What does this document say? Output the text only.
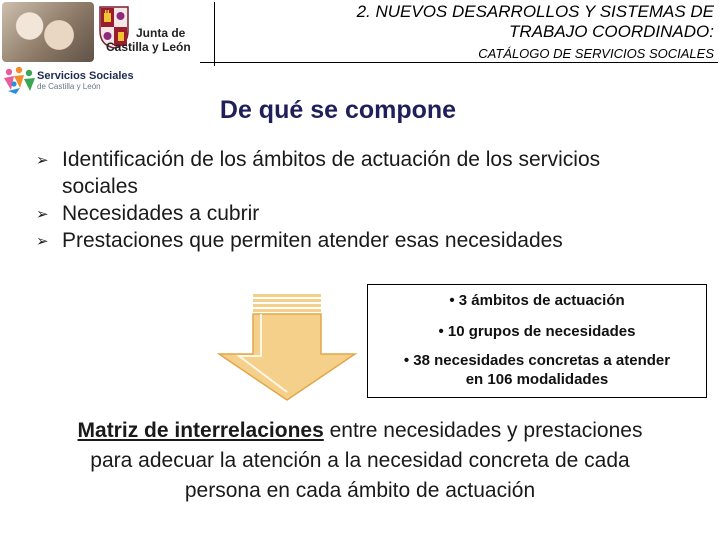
Junta de
Castilla y León
2. NUEVOS DESARROLLOS Y SISTEMAS DE
TRABAJO COORDINADO:
CATÁLOGO DE SERVICIOS SOCIALES
Servicios Sociales
de Castilla y León
De qué se compone
➢ Identificación de los ámbitos de actuación de los servicios
sociales
➢ Necesidades a cubrir
➢ Prestaciones que permiten atender esas necesidades
• 3 ámbitos de actuación
• 10 grupos de necesidades
• 38 necesidades concretas a atender
en 106 modalidades
Matriz de interrelaciones entre necesidades y prestaciones
para adecuar la atención a la necesidad concreta de cada
persona en cada ámbito de actuación
